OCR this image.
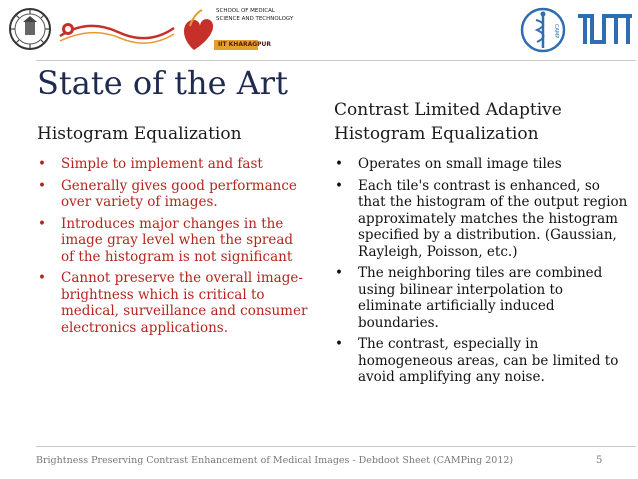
SCHOOL OF MEDICAL
SCIENCE AND TECHNOLOGY
IIT KHARAGPUR
CAMP
State of the Art
Contrast Limited Adaptive
Histogram Equalization
Histogram Equalization
• Simple to implement and fast
• Generally gives good performance over variety of images.
• Introduces major changes in the image gray level when the spread of the histogram is not significant
• Cannot preserve the overall image-brightness which is critical to medical, surveillance and consumer electronics applications.
• Operates on small image tiles
• Each tile's contrast is enhanced, so that the histogram of the output region approximately matches the histogram specified by a distribution. (Gaussian, Rayleigh, Poisson, etc.)
• The neighboring tiles are combined using bilinear interpolation to eliminate artificially induced boundaries.
• The contrast, especially in homogeneous areas, can be limited to avoid amplifying any noise.
Brightness Preserving Contrast Enhancement of Medical Images - Debdoot Sheet (CAMPing 2012)	5
